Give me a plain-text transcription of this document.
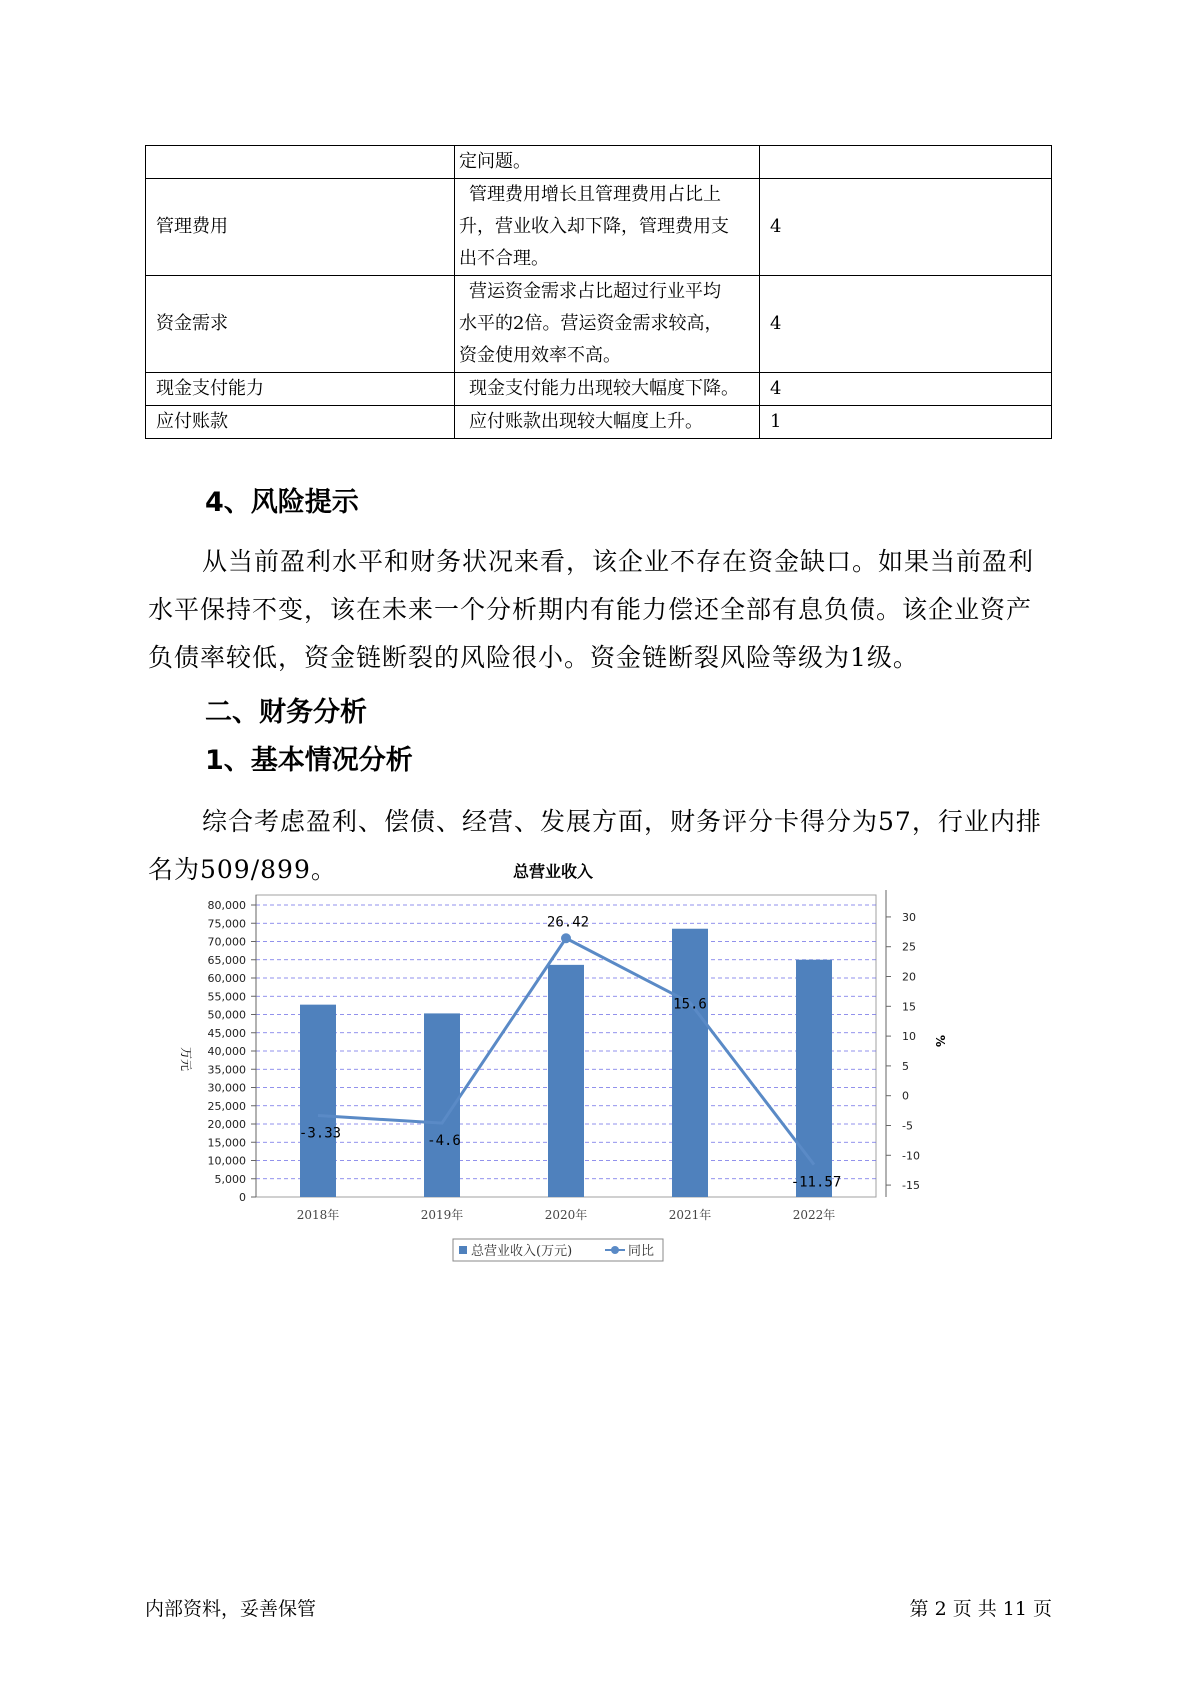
	定问题。	

管理费用	管理费用增长且管理费用占比上
升，营业收入却下降，管理费用支
出不合理。	4
资金需求	营运资金需求占比超过行业平均
水平的2倍。营运资金需求较高，
资金使用效率不高。	4
现金支付能力	现金支付能力出现较大幅度下降。	4
应付账款	应付账款出现较大幅度上升。	1
4、风险提示
从当前盈利水平和财务状况来看，该企业不存在资金缺口。如果当前盈利水平保持不变，该在未来一个分析期内有能力偿还全部有息负债。该企业资产负债率较低，资金链断裂的风险很小。资金链断裂风险等级为1级。
二、财务分析
1、基本情况分析
综合考虑盈利、偿债、经营、发展方面，财务评分卡得分为57，行业内排名为509/899。	总营业收入
0
5,000
10,000
15,000
20,000
25,000
30,000
35,000
40,000
45,000
50,000
55,000
60,000
65,000
70,000
75,000
80,000
-15
-10
-5
0
5
10
15
20
25
30
万元
%
2018年	2019年	2020年	2021年	2022年
-3.33	-4.6
26.42
15.6
-11.57
总营业收入(万元)	同比
内部资料，妥善保管	第 2 页 共 11 页
